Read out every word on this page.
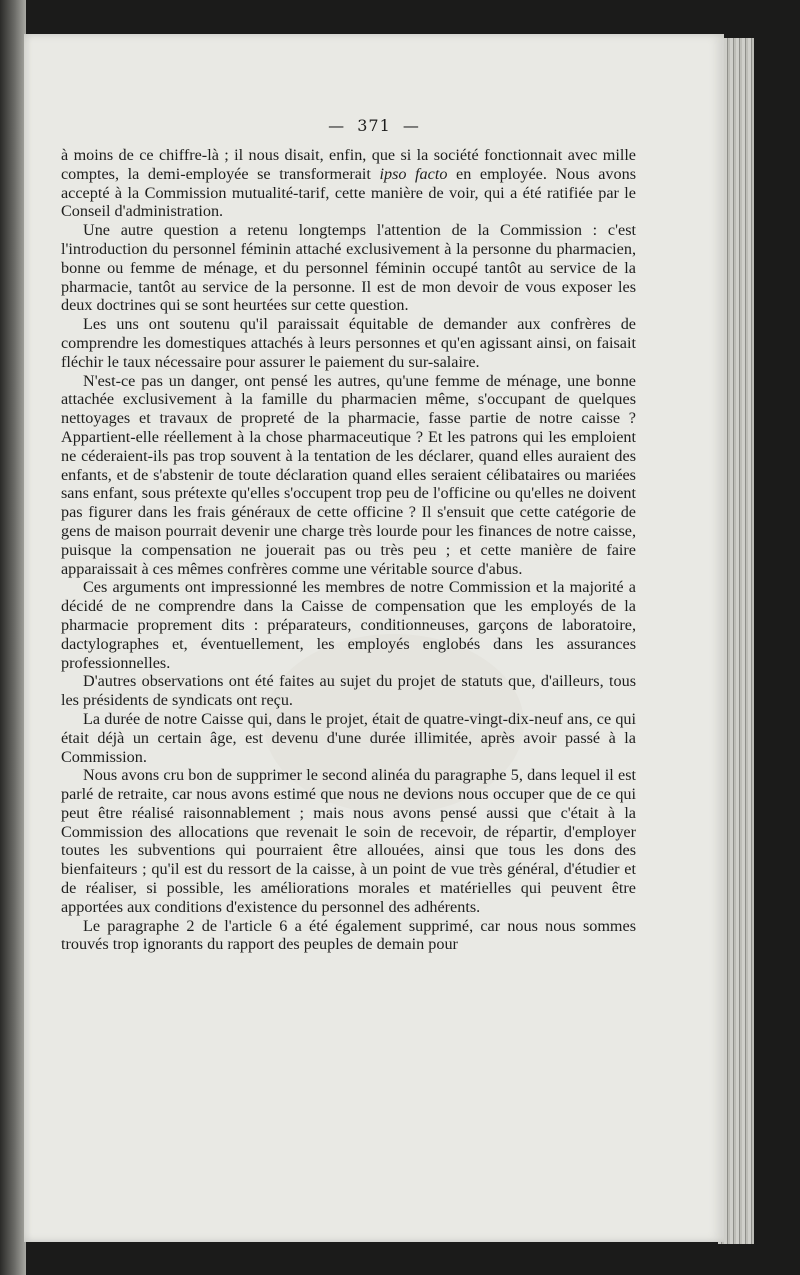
— 371 —

à moins de ce chiffre-là ; il nous disait, enfin, que si la société fonctionnait avec mille comptes, la demi-employée se transformerait ipso facto en employée. Nous avons accepté à la Commission mutualité-tarif, cette manière de voir, qui a été ratifiée par le Conseil d'administration.

Une autre question a retenu longtemps l'attention de la Commission : c'est l'introduction du personnel féminin attaché exclusivement à la personne du pharmacien, bonne ou femme de ménage, et du personnel féminin occupé tantôt au service de la pharmacie, tantôt au service de la personne. Il est de mon devoir de vous exposer les deux doctrines qui se sont heurtées sur cette question.

Les uns ont soutenu qu'il paraissait équitable de demander aux confrères de comprendre les domestiques attachés à leurs personnes et qu'en agissant ainsi, on faisait fléchir le taux nécessaire pour assurer le paiement du sur-salaire.

N'est-ce pas un danger, ont pensé les autres, qu'une femme de ménage, une bonne attachée exclusivement à la famille du pharmacien même, s'occupant de quelques nettoyages et travaux de propreté de la pharmacie, fasse partie de notre caisse ? Appartient-elle réellement à la chose pharmaceutique ? Et les patrons qui les emploient ne céderaient-ils pas trop souvent à la tentation de les déclarer, quand elles auraient des enfants, et de s'abstenir de toute déclaration quand elles seraient célibataires ou mariées sans enfant, sous prétexte qu'elles s'occupent trop peu de l'officine ou qu'elles ne doivent pas figurer dans les frais généraux de cette officine ? Il s'ensuit que cette catégorie de gens de maison pourrait devenir une charge très lourde pour les finances de notre caisse, puisque la compensation ne jouerait pas ou très peu ; et cette manière de faire apparaissait à ces mêmes confrères comme une véritable source d'abus.

Ces arguments ont impressionné les membres de notre Commission et la majorité a décidé de ne comprendre dans la Caisse de compensation que les employés de la pharmacie proprement dits : préparateurs, conditionneuses, garçons de laboratoire, dactylographes et, éventuellement, les employés englobés dans les assurances professionnelles.

D'autres observations ont été faites au sujet du projet de statuts que, d'ailleurs, tous les présidents de syndicats ont reçu.

La durée de notre Caisse qui, dans le projet, était de quatre-vingt-dix-neuf ans, ce qui était déjà un certain âge, est devenu d'une durée illimitée, après avoir passé à la Commission.

Nous avons cru bon de supprimer le second alinéa du paragraphe 5, dans lequel il est parlé de retraite, car nous avons estimé que nous ne devions nous occuper que de ce qui peut être réalisé raisonnablement ; mais nous avons pensé aussi que c'était à la Commission des allocations que revenait le soin de recevoir, de répartir, d'employer toutes les subventions qui pourraient être allouées, ainsi que tous les dons des bienfaiteurs ; qu'il est du ressort de la caisse, à un point de vue très général, d'étudier et de réaliser, si possible, les améliorations morales et matérielles qui peuvent être apportées aux conditions d'existence du personnel des adhérents.

Le paragraphe 2 de l'article 6 a été également supprimé, car nous nous sommes trouvés trop ignorants du rapport des peuples de demain pour
